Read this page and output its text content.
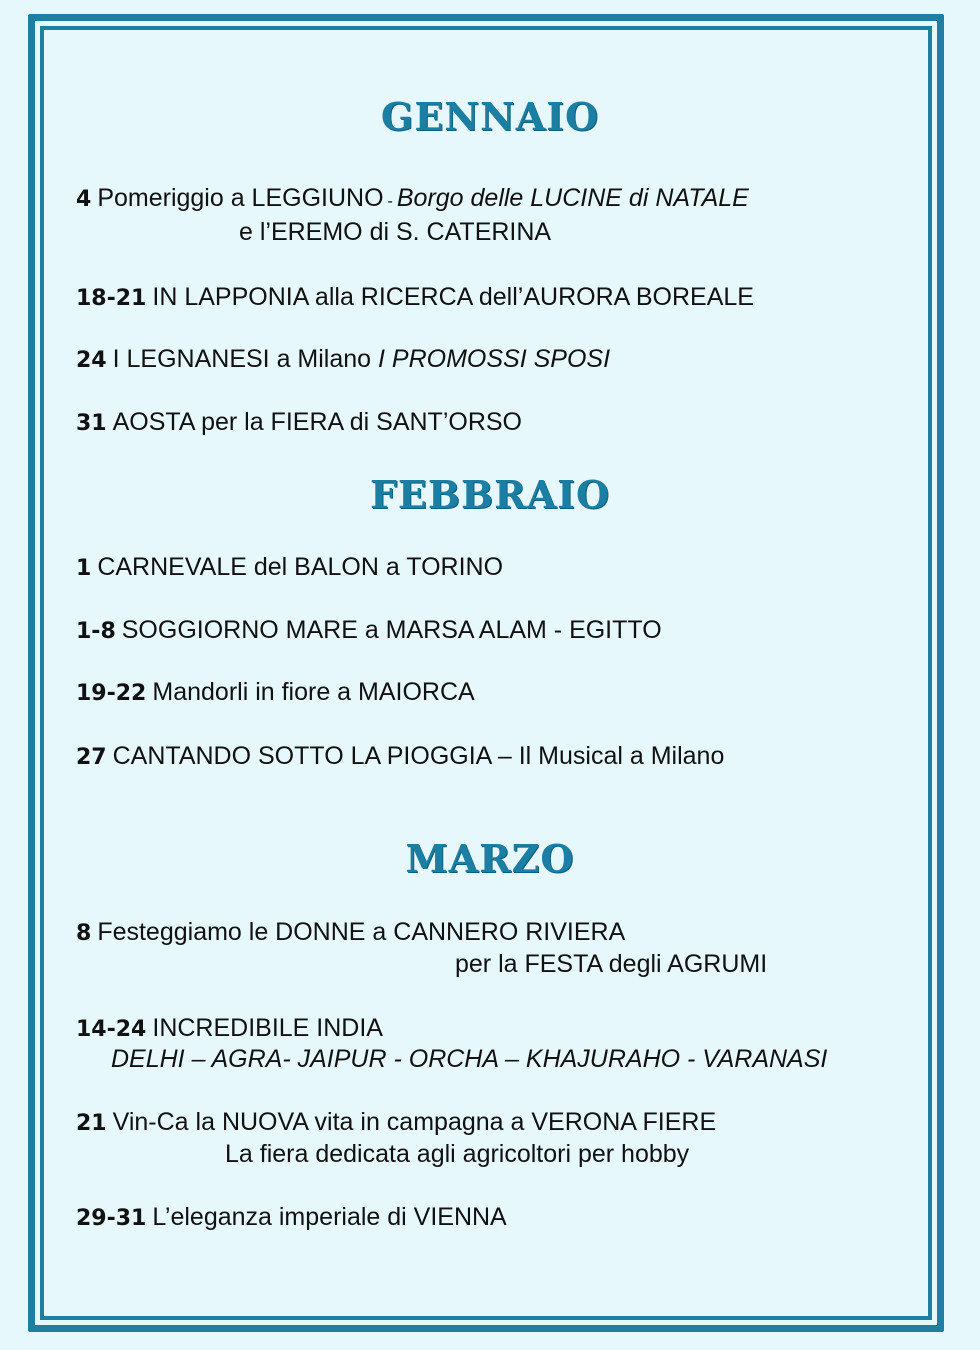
GENNAIO
4 Pomeriggio a LEGGIUNO - Borgo delle LUCINE di NATALE
e l’EREMO di S. CATERINA
18-21 IN LAPPONIA alla RICERCA dell’AURORA BOREALE
24 I LEGNANESI a Milano I PROMOSSI SPOSI
31 AOSTA per la FIERA di SANT’ORSO
FEBBRAIO
1 CARNEVALE del BALON a TORINO
1-8 SOGGIORNO MARE a MARSA ALAM - EGITTO
19-22 Mandorli in fiore a MAIORCA
27 CANTANDO SOTTO LA PIOGGIA – Il Musical a Milano
MARZO
8 Festeggiamo le DONNE a CANNERO RIVIERA
per la FESTA degli AGRUMI
14-24 INCREDIBILE INDIA
DELHI – AGRA- JAIPUR - ORCHA – KHAJURAHO - VARANASI
21 Vin-Ca la NUOVA vita in campagna a VERONA FIERE
La fiera dedicata agli agricoltori per hobby
29-31 L’eleganza imperiale di VIENNA
